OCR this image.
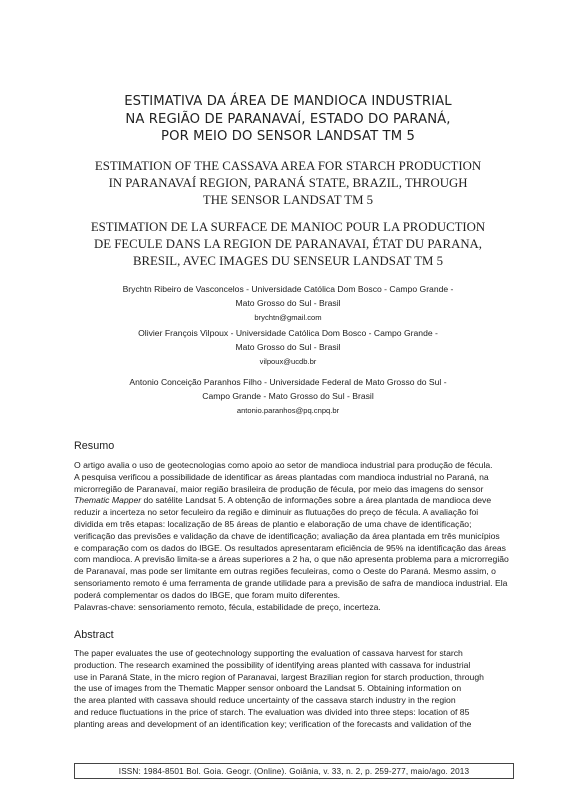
ESTIMATIVA DA ÁREA DE MANDIOCA INDUSTRIAL
NA REGIÃO DE PARANAVAÍ, ESTADO DO PARANÁ,
POR MEIO DO SENSOR LANDSAT TM 5
ESTIMATION OF THE CASSAVA AREA FOR STARCH PRODUCTION
IN PARANAVAÍ REGION, PARANÁ STATE, BRAZIL, THROUGH
THE SENSOR LANDSAT TM 5
ESTIMATION DE LA SURFACE DE MANIOC POUR LA PRODUCTION
DE FECULE DANS LA REGION DE PARANAVAI, ÉTAT DU PARANA,
BRESIL, AVEC IMAGES DU SENSEUR LANDSAT TM 5
Brychtn Ribeiro de Vasconcelos - Universidade Católica Dom Bosco - Campo Grande -
Mato Grosso do Sul - Brasil
brychtn@gmail.com
Olivier François Vilpoux - Universidade Católica Dom Bosco - Campo Grande -
Mato Grosso do Sul - Brasil
vilpoux@ucdb.br
Antonio Conceição Paranhos Filho - Universidade Federal de Mato Grosso do Sul -
Campo Grande - Mato Grosso do Sul - Brasil
antonio.paranhos@pq.cnpq.br
Resumo
O artigo avalia o uso de geotecnologias como apoio ao setor de mandioca industrial para produção de fécula.
A pesquisa verificou a possibilidade de identificar as áreas plantadas com mandioca industrial no Paraná, na
microrregião de Paranavaí, maior região brasileira de produção de fécula, por meio das imagens do sensor
Thematic Mapper do satélite Landsat 5. A obtenção de informações sobre a área plantada de mandioca deve
reduzir a incerteza no setor feculeiro da região e diminuir as flutuações do preço de fécula. A avaliação foi
dividida em três etapas: localização de 85 áreas de plantio e elaboração de uma chave de identificação;
verificação das previsões e validação da chave de identificação; avaliação da área plantada em três municípios
e comparação com os dados do IBGE. Os resultados apresentaram eficiência de 95% na identificação das áreas
com mandioca. A previsão limita-se a áreas superiores a 2 ha, o que não apresenta problema para a microrregião
de Paranavaí, mas pode ser limitante em outras regiões feculeiras, como o Oeste do Paraná. Mesmo assim, o
sensoriamento remoto é uma ferramenta de grande utilidade para a previsão de safra de mandioca industrial. Ela
poderá complementar os dados do IBGE, que foram muito diferentes.
Palavras-chave: sensoriamento remoto, fécula, estabilidade de preço, incerteza.
Abstract
The paper evaluates the use of geotechnology supporting the evaluation of cassava harvest for starch
production. The research examined the possibility of identifying areas planted with cassava for industrial
use in Paraná State, in the micro region of Paranavai, largest Brazilian region for starch production, through
the use of images from the Thematic Mapper sensor onboard the Landsat 5. Obtaining information on
the area planted with cassava should reduce uncertainty of the cassava starch industry in the region
and reduce fluctuations in the price of starch. The evaluation was divided into three steps: location of 85
planting areas and development of an identification key; verification of the forecasts and validation of the
ISSN: 1984-8501 Bol. Goia. Geogr. (Online). Goiânia, v. 33, n. 2, p. 259-277, maio/ago. 2013
